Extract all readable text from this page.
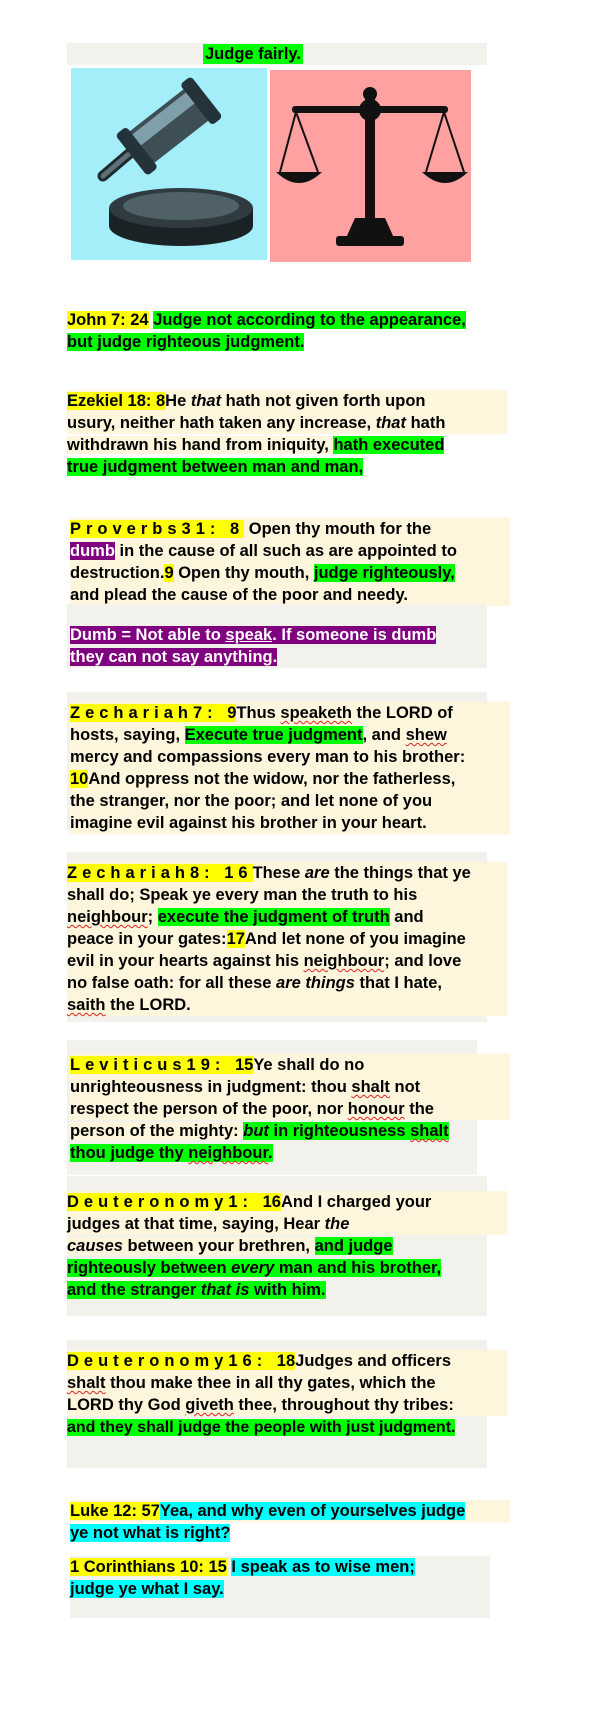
Judge fairly.
John 7: 24 Judge not according to the appearance,
but judge righteous judgment.
Ezekiel 18: 8He that hath not given forth upon
usury, neither hath taken any increase, that hath
withdrawn his hand from iniquity, hath executed
true judgment between man and man,
Proverbs31: 8 Open thy mouth for the
dumb in the cause of all such as are appointed to
destruction.9 Open thy mouth, judge righteously,
and plead the cause of the poor and needy.
Dumb = Not able to speak. If someone is dumb
they can not say anything.
Zechariah7: 9Thus speaketh the LORD of
hosts, saying, Execute true judgment, and shew
mercy and compassions every man to his brother:
10And oppress not the widow, nor the fatherless,
the stranger, nor the poor; and let none of you
imagine evil against his brother in your heart.
Zechariah8: 16These are the things that ye
shall do; Speak ye every man the truth to his
neighbour; execute the judgment of truth and
peace in your gates:17And let none of you imagine
evil in your hearts against his neighbour; and love
no false oath: for all these are things that I hate,
saith the LORD.
Leviticus19: 15Ye shall do no
unrighteousness in judgment: thou shalt not
respect the person of the poor, nor honour the
person of the mighty: but in righteousness shalt
thou judge thy neighbour.
Deuteronomy1: 16And I charged your
judges at that time, saying, Hear the
causes between your brethren, and judge
righteously between every man and his brother,
and the stranger that is with him.
Deuteronomy16: 18Judges and officers
shalt thou make thee in all thy gates, which the
LORD thy God giveth thee, throughout thy tribes:
and they shall judge the people with just judgment.
Luke 12: 57Yea, and why even of yourselves judge
ye not what is right?
1 Corinthians 10: 15 I speak as to wise men;
judge ye what I say.
